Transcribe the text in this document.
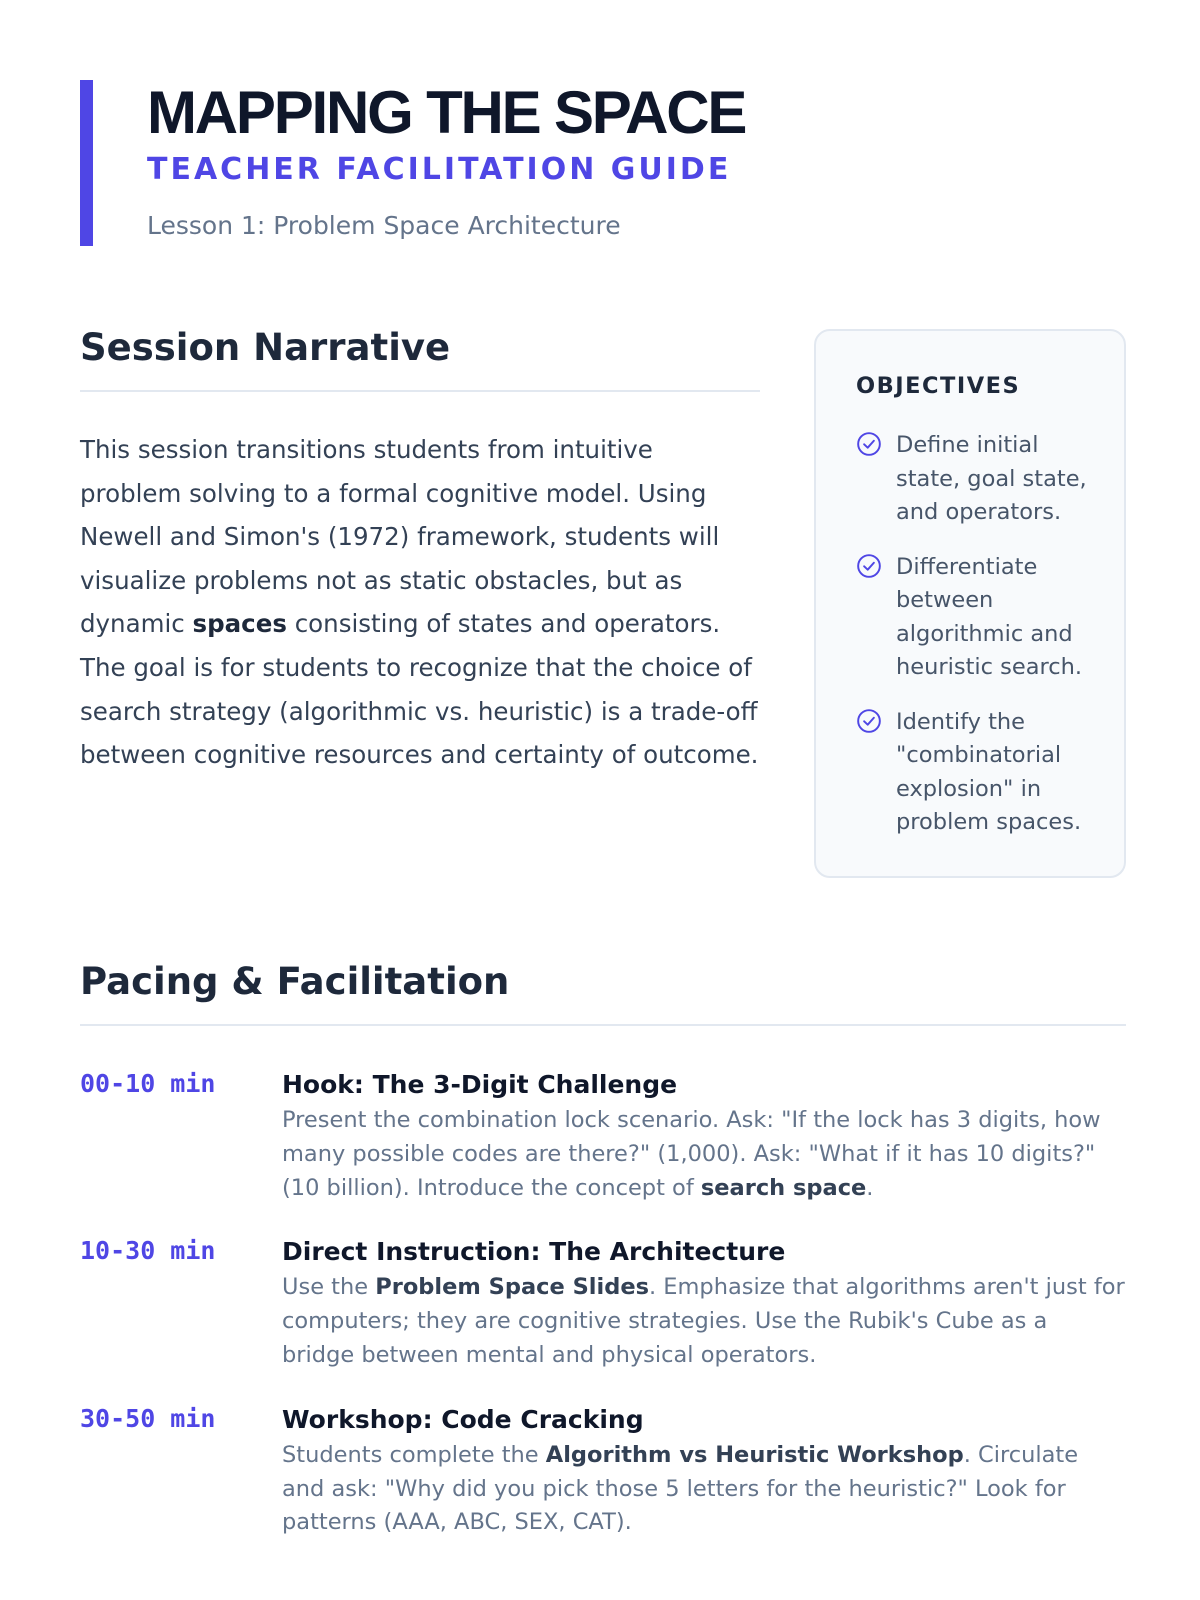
MAPPING THE SPACE
TEACHER FACILITATION GUIDE
Lesson 1: Problem Space Architecture
Session Narrative

This session transitions students from intuitive problem solving to a formal cognitive model. Using Newell and Simon's (1972) framework, students will visualize problems not as static obstacles, but as dynamic spaces consisting of states and operators. The goal is for students to recognize that the choice of search strategy (algorithmic vs. heuristic) is a trade-off between cognitive resources and certainty of outcome.

OBJECTIVES
Define initial state, goal state, and operators.
Differentiate between algorithmic and heuristic search.
Identify the "combinatorial explosion" in problem spaces.
Pacing & Facilitation
00-10 min	Hook: The 3-Digit Challenge

Present the combination lock scenario. Ask: "If the lock has 3 digits, how many possible codes are there?" (1,000). Ask: "What if it has 10 digits?" (10 billion). Introduce the concept of search space.

10-30 min	Direct Instruction: The Architecture

Use the Problem Space Slides. Emphasize that algorithms aren't just for computers; they are cognitive strategies. Use the Rubik's Cube as a bridge between mental and physical operators.

30-50 min	Workshop: Code Cracking

Students complete the Algorithm vs Heuristic Workshop. Circulate and ask: "Why did you pick those 5 letters for the heuristic?" Look for patterns (AAA, ABC, SEX, CAT).
